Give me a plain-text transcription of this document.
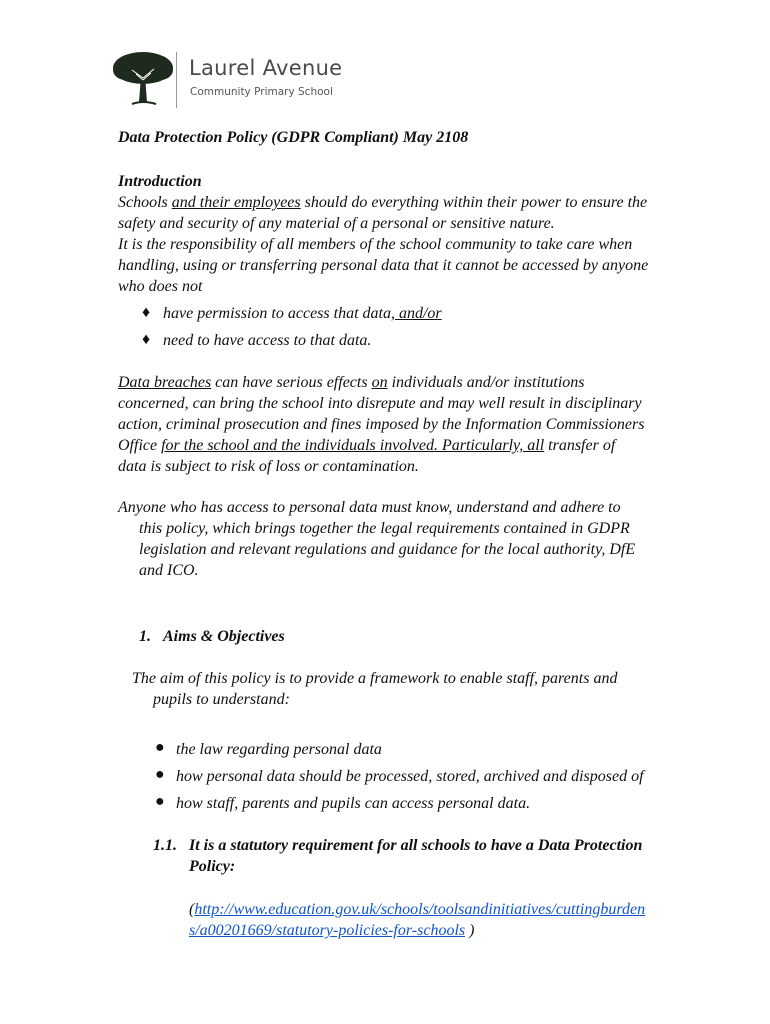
Laurel Avenue
Community Primary School
Data Protection Policy (GDPR Compliant) May 2108
Introduction
Schools and their employees should do everything within their power to ensure the
safety and security of any material of a personal or sensitive nature.
It is the responsibility of all members of the school community to take care when
handling, using or transferring personal data that it cannot be accessed by anyone
who does not
♦ have permission to access that data, and/or
♦ need to have access to that data.
Data breaches can have serious effects on individuals and/or institutions
concerned, can bring the school into disrepute and may well result in disciplinary
action, criminal prosecution and fines imposed by the Information Commissioners
Office for the school and the individuals involved. Particularly, all transfer of
data is subject to risk of loss or contamination.
Anyone who has access to personal data must know, understand and adhere to
this policy, which brings together the legal requirements contained in GDPR
legislation and relevant regulations and guidance for the local authority, DfE
and ICO.
1. Aims & Objectives
The aim of this policy is to provide a framework to enable staff, parents and
pupils to understand:
● the law regarding personal data
● how personal data should be processed, stored, archived and disposed of
● how staff, parents and pupils can access personal data.
1.1. It is a statutory requirement for all schools to have a Data Protection
Policy:
(http://www.education.gov.uk/schools/toolsandinitiatives/cuttingburden
s/a00201669/statutory-policies-for-schools )
